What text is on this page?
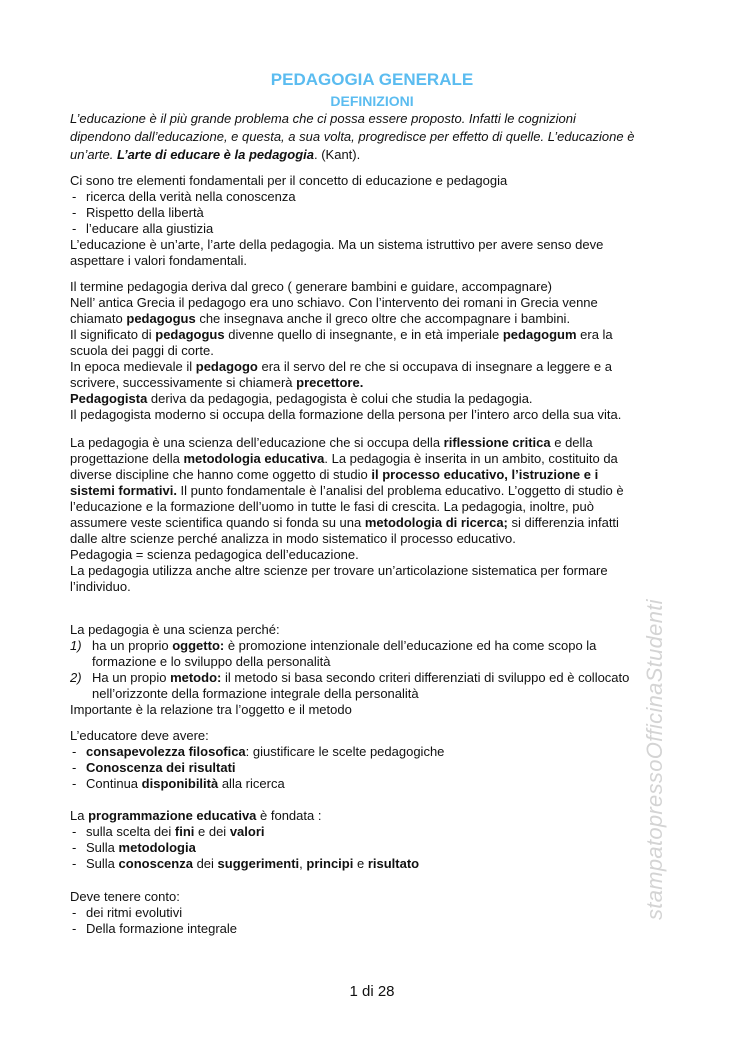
PEDAGOGIA GENERALE
DEFINIZIONI
L’educazione è il più grande problema che ci possa essere proposto. Infatti le cognizioni
dipendono dall’educazione, e questa, a sua volta, progredisce per effetto di quelle. L’educazione è
un’arte. L’arte di educare è la pedagogia. (Kant).
Ci sono tre elementi fondamentali per il concetto di educazione e pedagogia
- ricerca della verità nella conoscenza
- Rispetto della libertà
- l’educare alla giustizia
L’educazione è un’arte, l’arte della pedagogia. Ma un sistema istruttivo per avere senso deve
aspettare i valori fondamentali.
Il termine pedagogia deriva dal greco ( generare bambini e guidare, accompagnare)
Nell’ antica Grecia il pedagogo era uno schiavo. Con l’intervento dei romani in Grecia venne
chiamato pedagogus che insegnava anche il greco oltre che accompagnare i bambini.
Il significato di pedagogus divenne quello di insegnante, e in età imperiale pedagogum era la
scuola dei paggi di corte.
In epoca medievale il pedagogo era il servo del re che si occupava di insegnare a leggere e a
scrivere, successivamente si chiamerà precettore.
Pedagogista deriva da pedagogia, pedagogista è colui che studia la pedagogia.
Il pedagogista moderno si occupa della formazione della persona per l’intero arco della sua vita.
La pedagogia è una scienza dell’educazione che si occupa della riflessione critica e della
progettazione della metodologia educativa. La pedagogia è inserita in un ambito, costituito da
diverse discipline che hanno come oggetto di studio il processo educativo, l’istruzione e i
sistemi formativi. Il punto fondamentale è l’analisi del problema educativo. L’oggetto di studio è
l’educazione e la formazione dell’uomo in tutte le fasi di crescita. La pedagogia, inoltre, può
assumere veste scientifica quando si fonda su una metodologia di ricerca; si differenzia infatti
dalle altre scienze perché analizza in modo sistematico il processo educativo.
Pedagogia = scienza pedagogica dell’educazione.
La pedagogia utilizza anche altre scienze per trovare un’articolazione sistematica per formare
l’individuo.
La pedagogia è una scienza perché:
1) ha un proprio oggetto: è promozione intenzionale dell’educazione ed ha come scopo la
formazione e lo sviluppo della personalità
2) Ha un propio metodo: il metodo si basa secondo criteri differenziati di sviluppo ed è collocato
nell’orizzonte della formazione integrale della personalità
Importante è la relazione tra l’oggetto e il metodo
L’educatore deve avere:
- consapevolezza filosofica: giustificare le scelte pedagogiche
- Conoscenza dei risultati
- Continua disponibilità alla ricerca
La programmazione educativa è fondata :
- sulla scelta dei fini e dei valori
- Sulla metodologia
- Sulla conoscenza dei suggerimenti, principi e risultato
Deve tenere conto:
- dei ritmi evolutivi
- Della formazione integrale
1 di 28
stampatopressoOfficinaStudenti
